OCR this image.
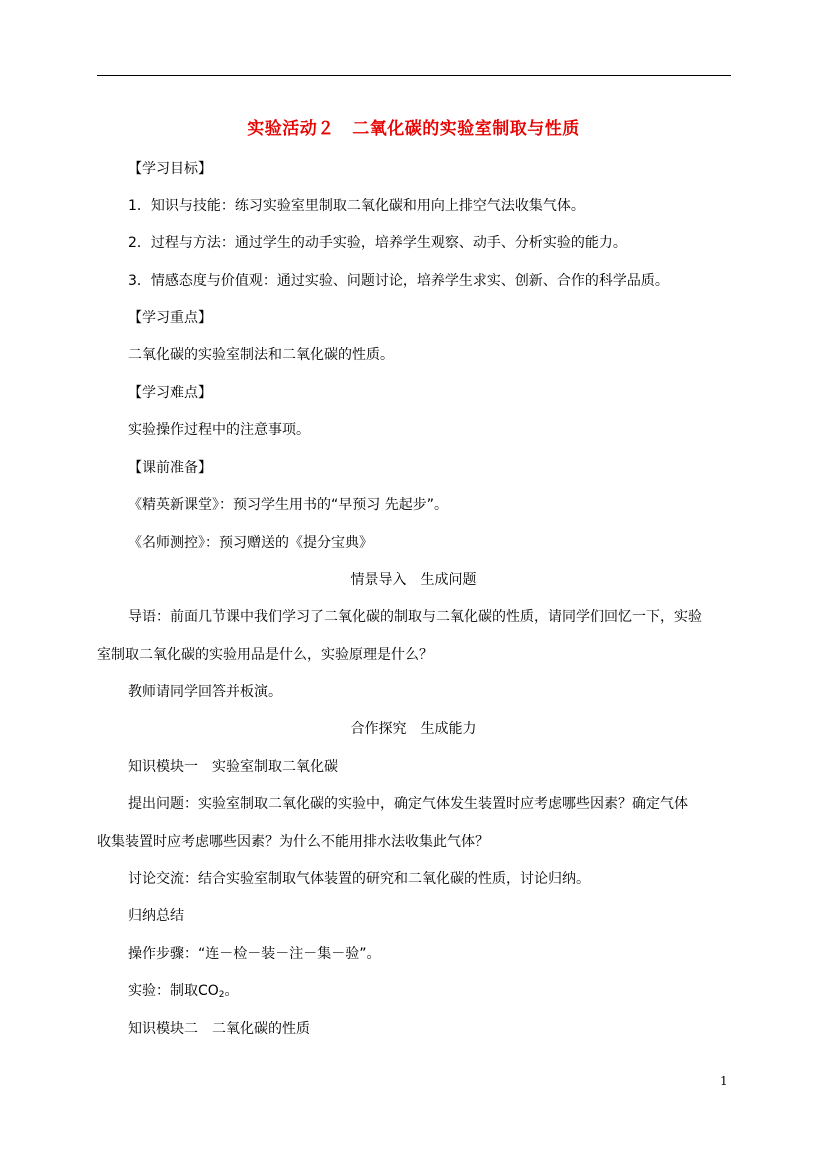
实验活动２　二氧化碳的实验室制取与性质
【学习目标】
1．知识与技能：练习实验室里制取二氧化碳和用向上排空气法收集气体。
2．过程与方法：通过学生的动手实验，培养学生观察、动手、分析实验的能力。
3．情感态度与价值观：通过实验、问题讨论，培养学生求实、创新、合作的科学品质。
【学习重点】
二氧化碳的实验室制法和二氧化碳的性质。
【学习难点】
实验操作过程中的注意事项。
【课前准备】
《精英新课堂》：预习学生用书的“早预习 先起步”。
《名师测控》：预习赠送的《提分宝典》
情景导入　生成问题
导语：前面几节课中我们学习了二氧化碳的制取与二氧化碳的性质，请同学们回忆一下，实验
室制取二氧化碳的实验用品是什么，实验原理是什么？
教师请同学回答并板演。
合作探究　生成能力
知识模块一　实验室制取二氧化碳
提出问题：实验室制取二氧化碳的实验中，确定气体发生装置时应考虑哪些因素？确定气体
收集装置时应考虑哪些因素？为什么不能用排水法收集此气体？
讨论交流：结合实验室制取气体装置的研究和二氧化碳的性质，讨论归纳。
归纳总结
操作步骤：“连－检－装－注－集－验”。
实验：制取$CO_2$。
知识模块二　二氧化碳的性质
1
